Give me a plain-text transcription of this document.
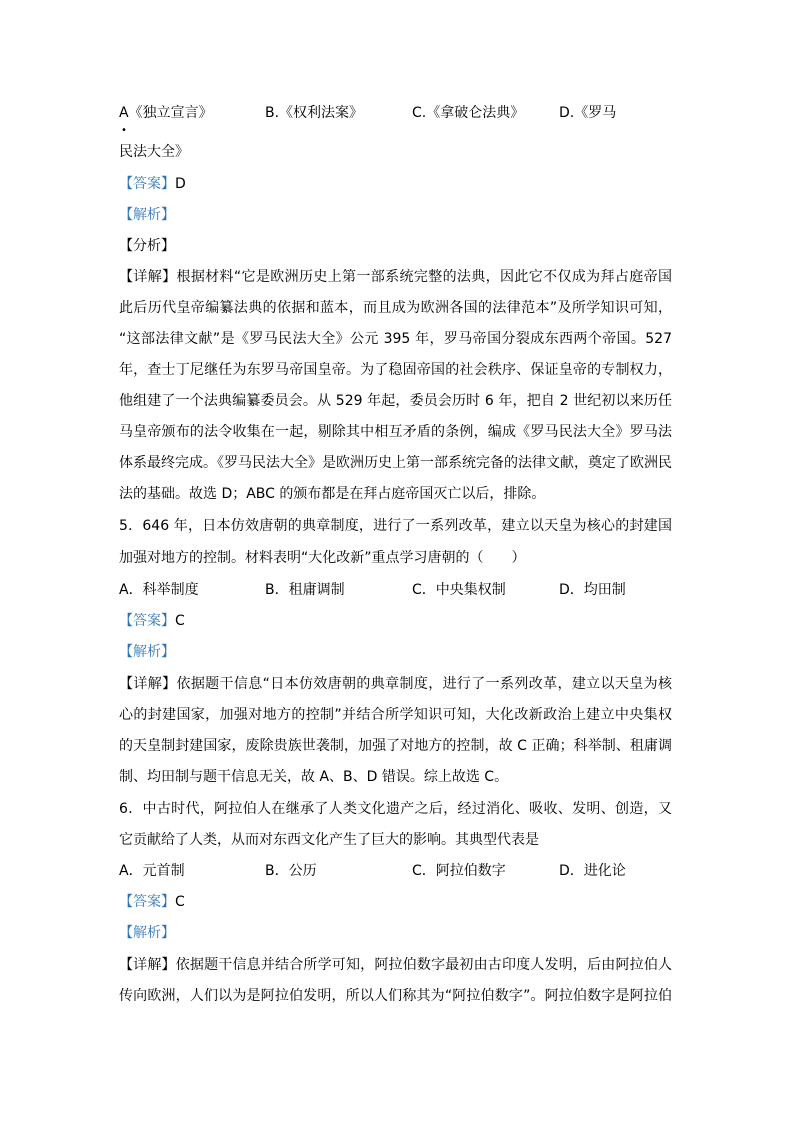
A《独立宣言》
•
B.《权利法案》	C.《拿破仑法典》 D.《罗马
民法大全》
【答案】D
【解析】
【分析】
【详解】根据材料“它是欧洲历史上第一部系统完整的法典，因此它不仅成为拜占庭帝国
此后历代皇帝编纂法典的依据和蓝本，而且成为欧洲各国的法律范本”及所学知识可知，
“这部法律文献”是《罗马民法大全》公元 395 年，罗马帝国分裂成东西两个帝国。527
年，查士丁尼继任为东罗马帝国皇帝。为了稳固帝国的社会秩序、保证皇帝的专制权力，
他组建了一个法典编纂委员会。从 529 年起，委员会历时 6 年，把自 2 世纪初以来历任
马皇帝颁布的法令收集在一起，剔除其中相互矛盾的条例，编成《罗马民法大全》罗马法
体系最终完成。《罗马民法大全》是欧洲历史上第一部系统完备的法律文献，奠定了欧洲民
法的基础。故选 D；ABC 的颁布都是在拜占庭帝国灭亡以后，排除。
5．646 年，日本仿效唐朝的典章制度，进行了一系列改革，建立以天皇为核心的封建国
加强对地方的控制。材料表明“大化改新”重点学习唐朝的（　　）
A．科举制度	B．租庸调制	C．中央集权制	D．均田制
【答案】C
【解析】
【详解】依据题干信息“日本仿效唐朝的典章制度，进行了一系列改革，建立以天皇为核
心的封建国家，加强对地方的控制”并结合所学知识可知，大化改新政治上建立中央集权
的天皇制封建国家，废除贵族世袭制，加强了对地方的控制，故 C 正确；科举制、租庸调
制、均田制与题干信息无关，故 A、B、D 错误。综上故选 C。
6．中古时代，阿拉伯人在继承了人类文化遗产之后，经过消化、吸收、发明、创造，又
它贡献给了人类，从而对东西文化产生了巨大的影响。其典型代表是
A．元首制	B．公历	C．阿拉伯数字	D．进化论
【答案】C
【解析】
【详解】依据题干信息并结合所学可知，阿拉伯数字最初由古印度人发明，后由阿拉伯人
传向欧洲，人们以为是阿拉伯发明，所以人们称其为“阿拉伯数字”。阿拉伯数字是阿拉伯
